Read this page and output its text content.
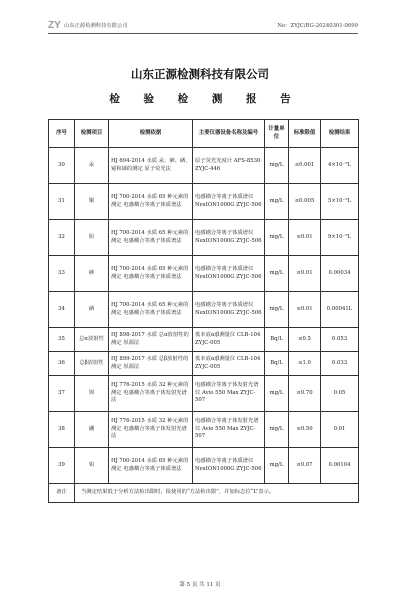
ZY 山东正源检测科技有限公司	No：ZYJC/BG-20240301-0699
山东正源检测科技有限公司
检 验 检 测 报 告
序号	检测项目	检测依据	主要仪器设备名称及编号	计量单位	标准限值	检测结果
30	汞	HJ 694-2014 水质 汞、砷、硒、铋和锑的测定 原子荧光法	原子荧光光度计 AFS-8530 ZYJC-446	mg/L	≤0.001	4×10⁻⁵L
31	铜	HJ 700-2014 水质 65 种元素的测定 电感耦合等离子体质谱法	电感耦合等离子体质谱仪 NexION1000G ZYJC-506	mg/L	≤0.005	5×10⁻⁵L
32	铅	HJ 700-2014 水质 65 种元素的测定 电感耦合等离子体质谱法	电感耦合等离子体质谱仪 NexION1000G ZYJC-506	mg/L	≤0.01	9×10⁻⁵L
33	砷	HJ 700-2014 水质 65 种元素的测定 电感耦合等离子体质谱法	电感耦合等离子体质谱仪 NexION1000G ZYJC-506	mg/L	≤0.01	0.00034
34	硒	HJ 700-2014 水质 65 种元素的测定 电感耦合等离子体质谱法	电感耦合等离子体质谱仪 NexION1000G ZYJC-506	mg/L	≤0.01	0.00041L
35	总α放射性	HJ 898-2017 水质 总α放射性的测定 厚源法	低本底α/β测量仪 CLB-104 ZYJC-005	Bq/L	≤0.5	0.053
36	总β放射性	HJ 899-2017 水质 总β放射性的测定 厚源法	低本底α/β测量仪 CLB-104 ZYJC-005	Bq/L	≤1.0	0.033
37	钡	HJ 776-2015 水质 32 种元素的测定 电感耦合等离子体发射光谱法	电感耦合等离子体发射光谱仪 Avio 550 Max ZYJC-507	mg/L	≤0.70	0.05
38	硼	HJ 776-2015 水质 32 种元素的测定 电感耦合等离子体发射光谱法	电感耦合等离子体发射光谱仪 Avio 550 Max ZYJC-507	mg/L	≤0.50	0.01
39	钼	HJ 700-2014 水质 65 种元素的测定 电感耦合等离子体质谱法	电感耦合等离子体质谱仪 NexION1000G ZYJC-506	mg/L	≤0.07	0.00104
备注	当测定结果低于分析方法检出限时，报使用的“方法检出限”，并加标志位“L”表示。					
第 5 页 共 11 页
